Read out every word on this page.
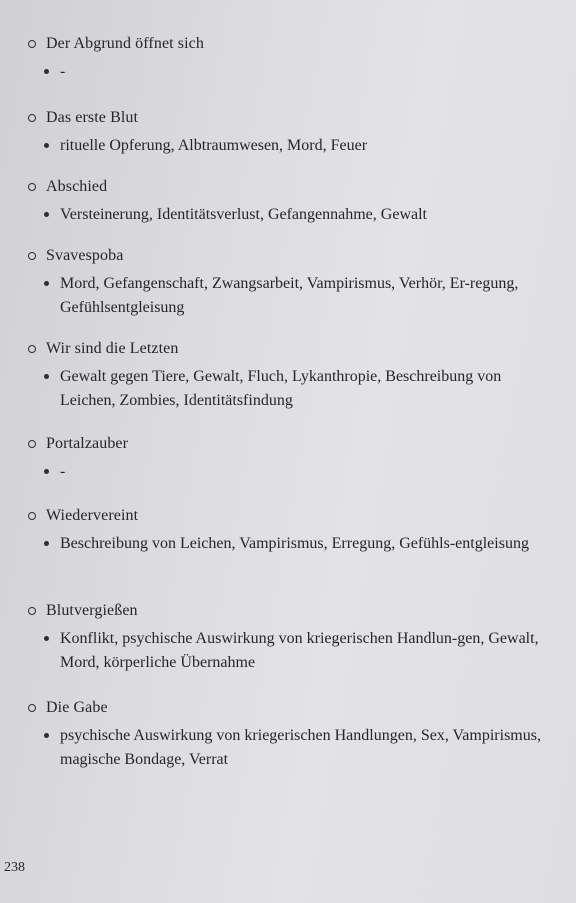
Der Abgrund öffnet sich
-
Das erste Blut
rituelle Opferung, Albtraumwesen, Mord, Feuer
Abschied
Versteinerung, Identitätsverlust, Gefangennahme, Gewalt
Svavespoba
Mord, Gefangenschaft, Zwangsarbeit, Vampirismus, Verhör, Er-regung, Gefühlsentgleisung
Wir sind die Letzten
Gewalt gegen Tiere, Gewalt, Fluch, Lykanthropie, Beschreibung von Leichen, Zombies, Identitätsfindung
Portalzauber
-
Wiedervereint
Beschreibung von Leichen, Vampirismus, Erregung, Gefühls-entgleisung
Blutvergießen
Konflikt, psychische Auswirkung von kriegerischen Handlun-gen, Gewalt, Mord, körperliche Übernahme
Die Gabe
psychische Auswirkung von kriegerischen Handlungen, Sex, Vampirismus, magische Bondage, Verrat
238
